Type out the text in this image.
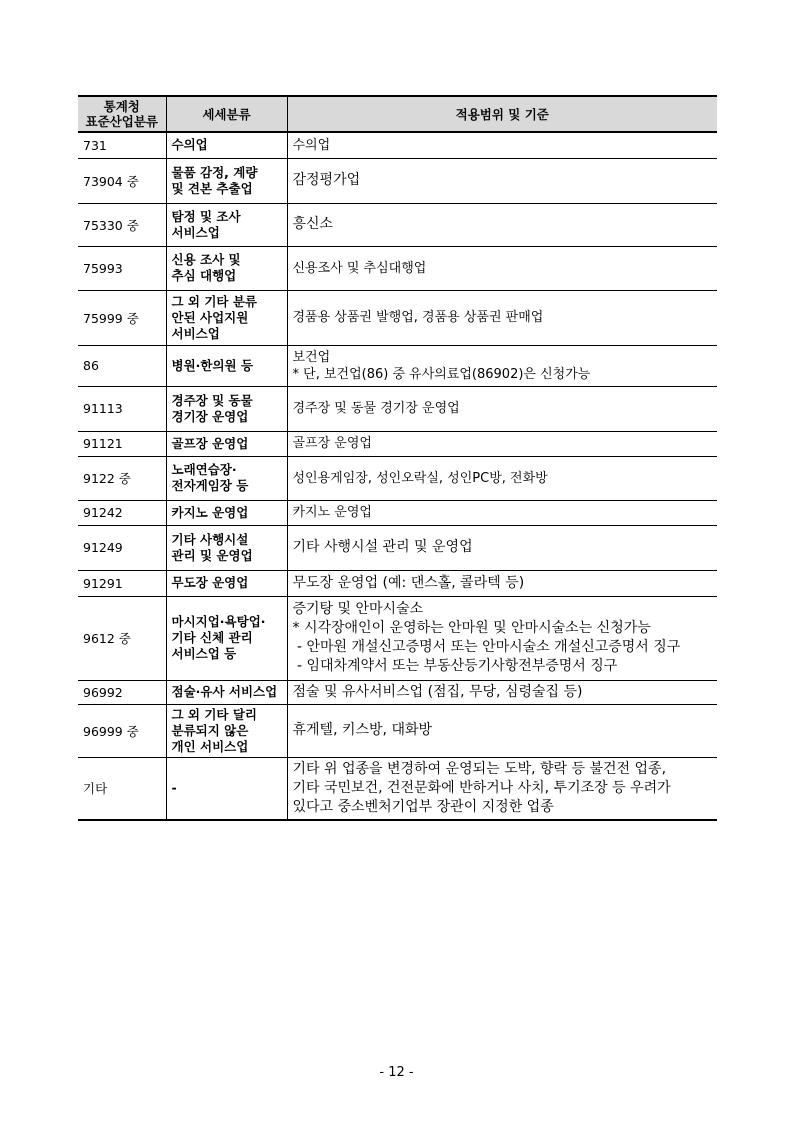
통계청
표준산업분류	세세분류	적용범위 및 기준
731	수의업	수의업

73904 중	물품 감정, 계량
및 견본 추출업	감정평가업

75330 중	탐정 및 조사
서비스업	흥신소

75993	신용 조사 및
추심 대행업	신용조사 및 추심대행업

75999 중	그 외 기타 분류
안된 사업지원
서비스업	경품용 상품권 발행업, 경품용 상품권 판매업

86	병원·한의원 등	보건업
* 단, 보건업(86) 중 유사의료업(86902)은 신청가능

91113	경주장 및 동물
경기장 운영업	경주장 및 동물 경기장 운영업

91121	골프장 운영업	골프장 운영업

9122 중	노래연습장·
전자게임장 등	성인용게임장, 성인오락실, 성인PC방, 전화방

91242	카지노 운영업	카지노 운영업

91249	기타 사행시설
관리 및 운영업	기타 사행시설 관리 및 운영업

91291	무도장 운영업	무도장 운영업 (예: 댄스홀, 콜라텍 등)

9612 중	마시지업·욕탕업·
기타 신체 관리
서비스업 등	증기탕 및 안마시술소
* 시각장애인이 운영하는 안마원 및 안마시술소는 신청가능
- 안마원 개설신고증명서 또는 안마시술소 개설신고증명서 징구
- 임대차계약서 또는 부동산등기사항전부증명서 징구

96992	점술·유사 서비스업	점술 및 유사서비스업 (점집, 무당, 심령술집 등)

96999 중	그 외 기타 달리
분류되지 않은
개인 서비스업	휴게텔, 키스방, 대화방

기타	-	기타 위 업종을 변경하여 운영되는 도박, 향락 등 불건전 업종,
기타 국민보건, 건전문화에 반하거나 사치, 투기조장 등 우려가
있다고 중소벤처기업부 장관이 지정한 업종
- 12 -
